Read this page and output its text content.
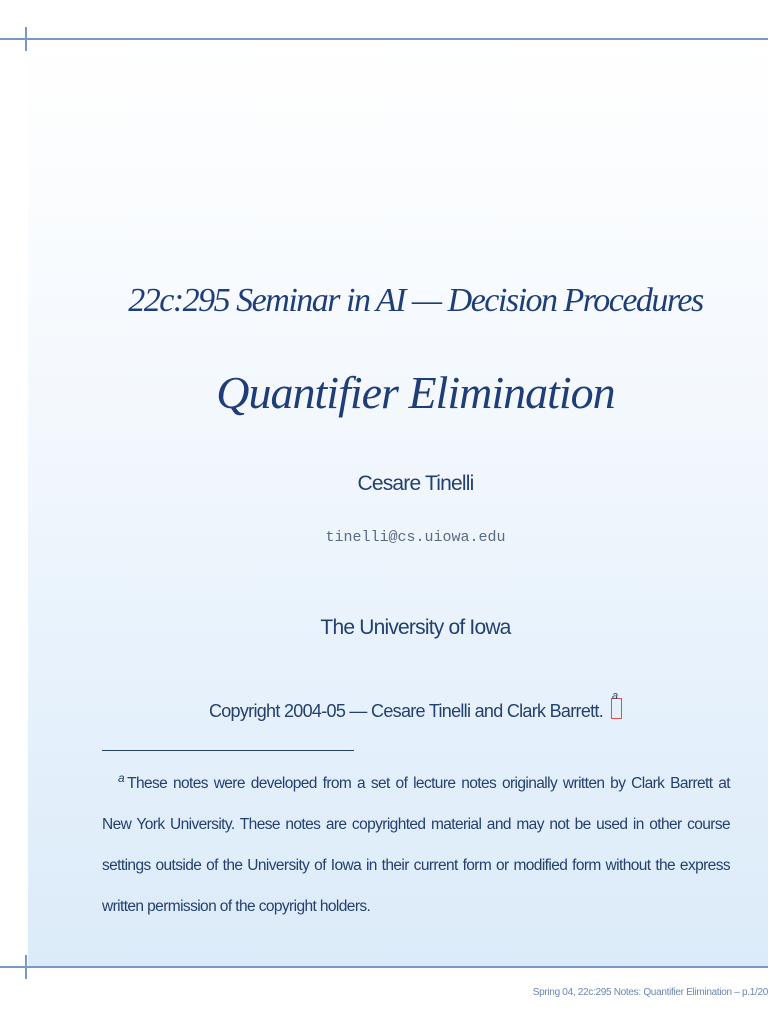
22c:295 Seminar in AI — Decision Procedures
Quantifier Elimination
Cesare Tinelli
tinelli@cs.uiowa.edu
The University of Iowa
Copyright 2004-05 — Cesare Tinelli and Clark Barrett.
a
$^a$ These notes were developed from a set of lecture notes originally written by Clark Barrett at New York University. These notes are copyrighted material and may not be used in other course settings outside of the University of Iowa in their current form or modified form without the express written permission of the copyright holders.
Spring 04, 22c:295 Notes: Quantifier Elimination – p.1/20
